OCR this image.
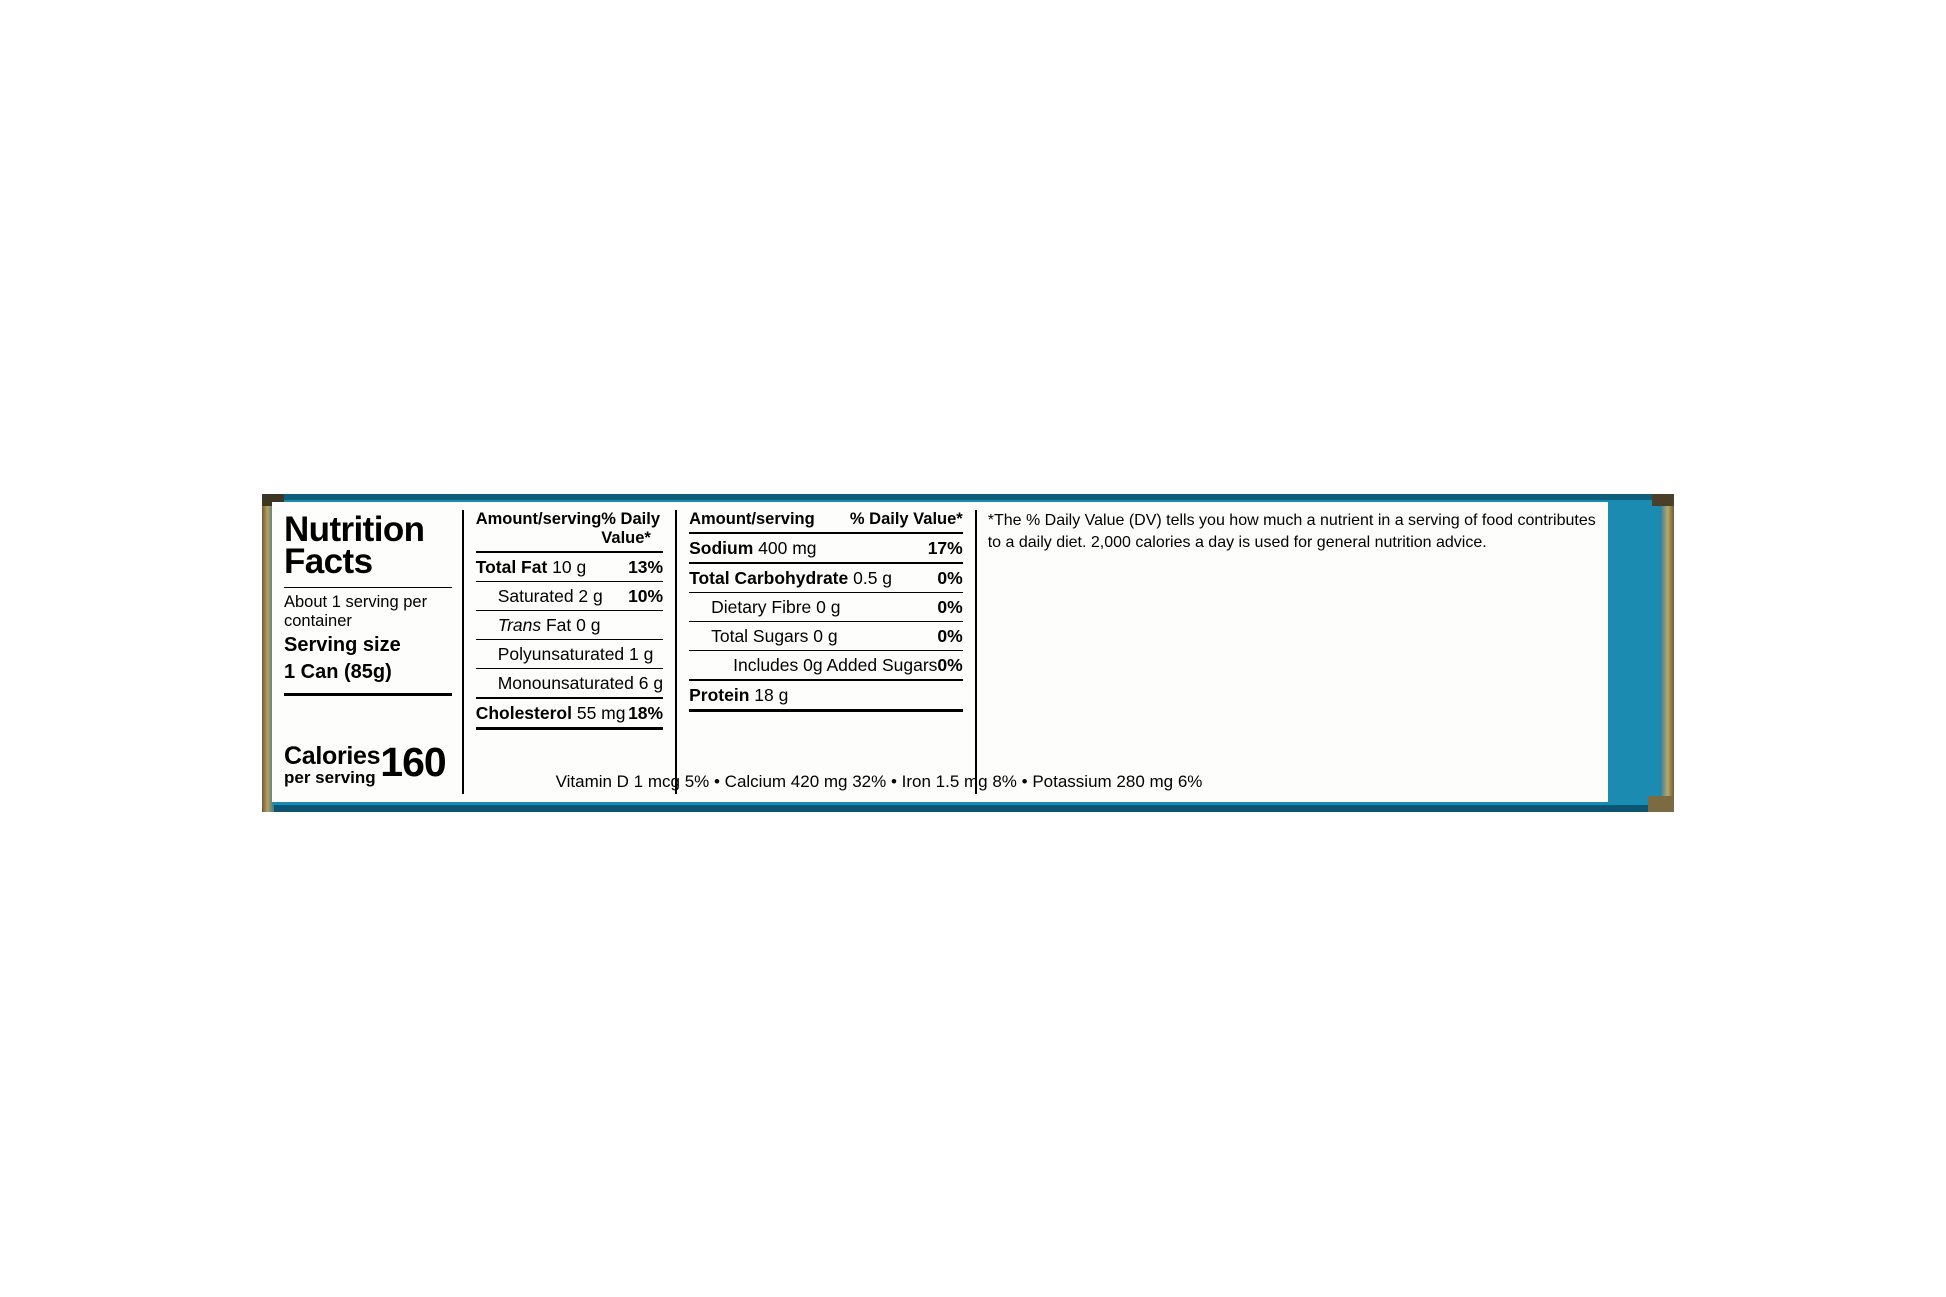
Nutrition Facts
About 1 serving per container
Serving size
1 Can (85g)
Calories
per serving 160
Amount/serving % Daily Value*
Total Fat 10 g 13%
Saturated 2 g 10%
Trans Fat 0 g
Polyunsaturated 1 g
Monounsaturated 6 g
Cholesterol 55 mg 18%
Amount/serving % Daily Value*
Sodium 400 mg	17%
Total Carbohydrate 0.5 g	0%
Dietary Fibre 0 g	0%
Total Sugars 0 g	0%
Includes 0g Added Sugars 0%
Protein 18 g
*The % Daily Value (DV) tells you how much a nutrient in a serving of food contributes to a daily diet. 2,000 calories a day is used for general nutrition advice.
Vitamin D 1 mcg 5% • Calcium 420 mg 32% • Iron 1.5 mg 8% • Potassium 280 mg 6%
